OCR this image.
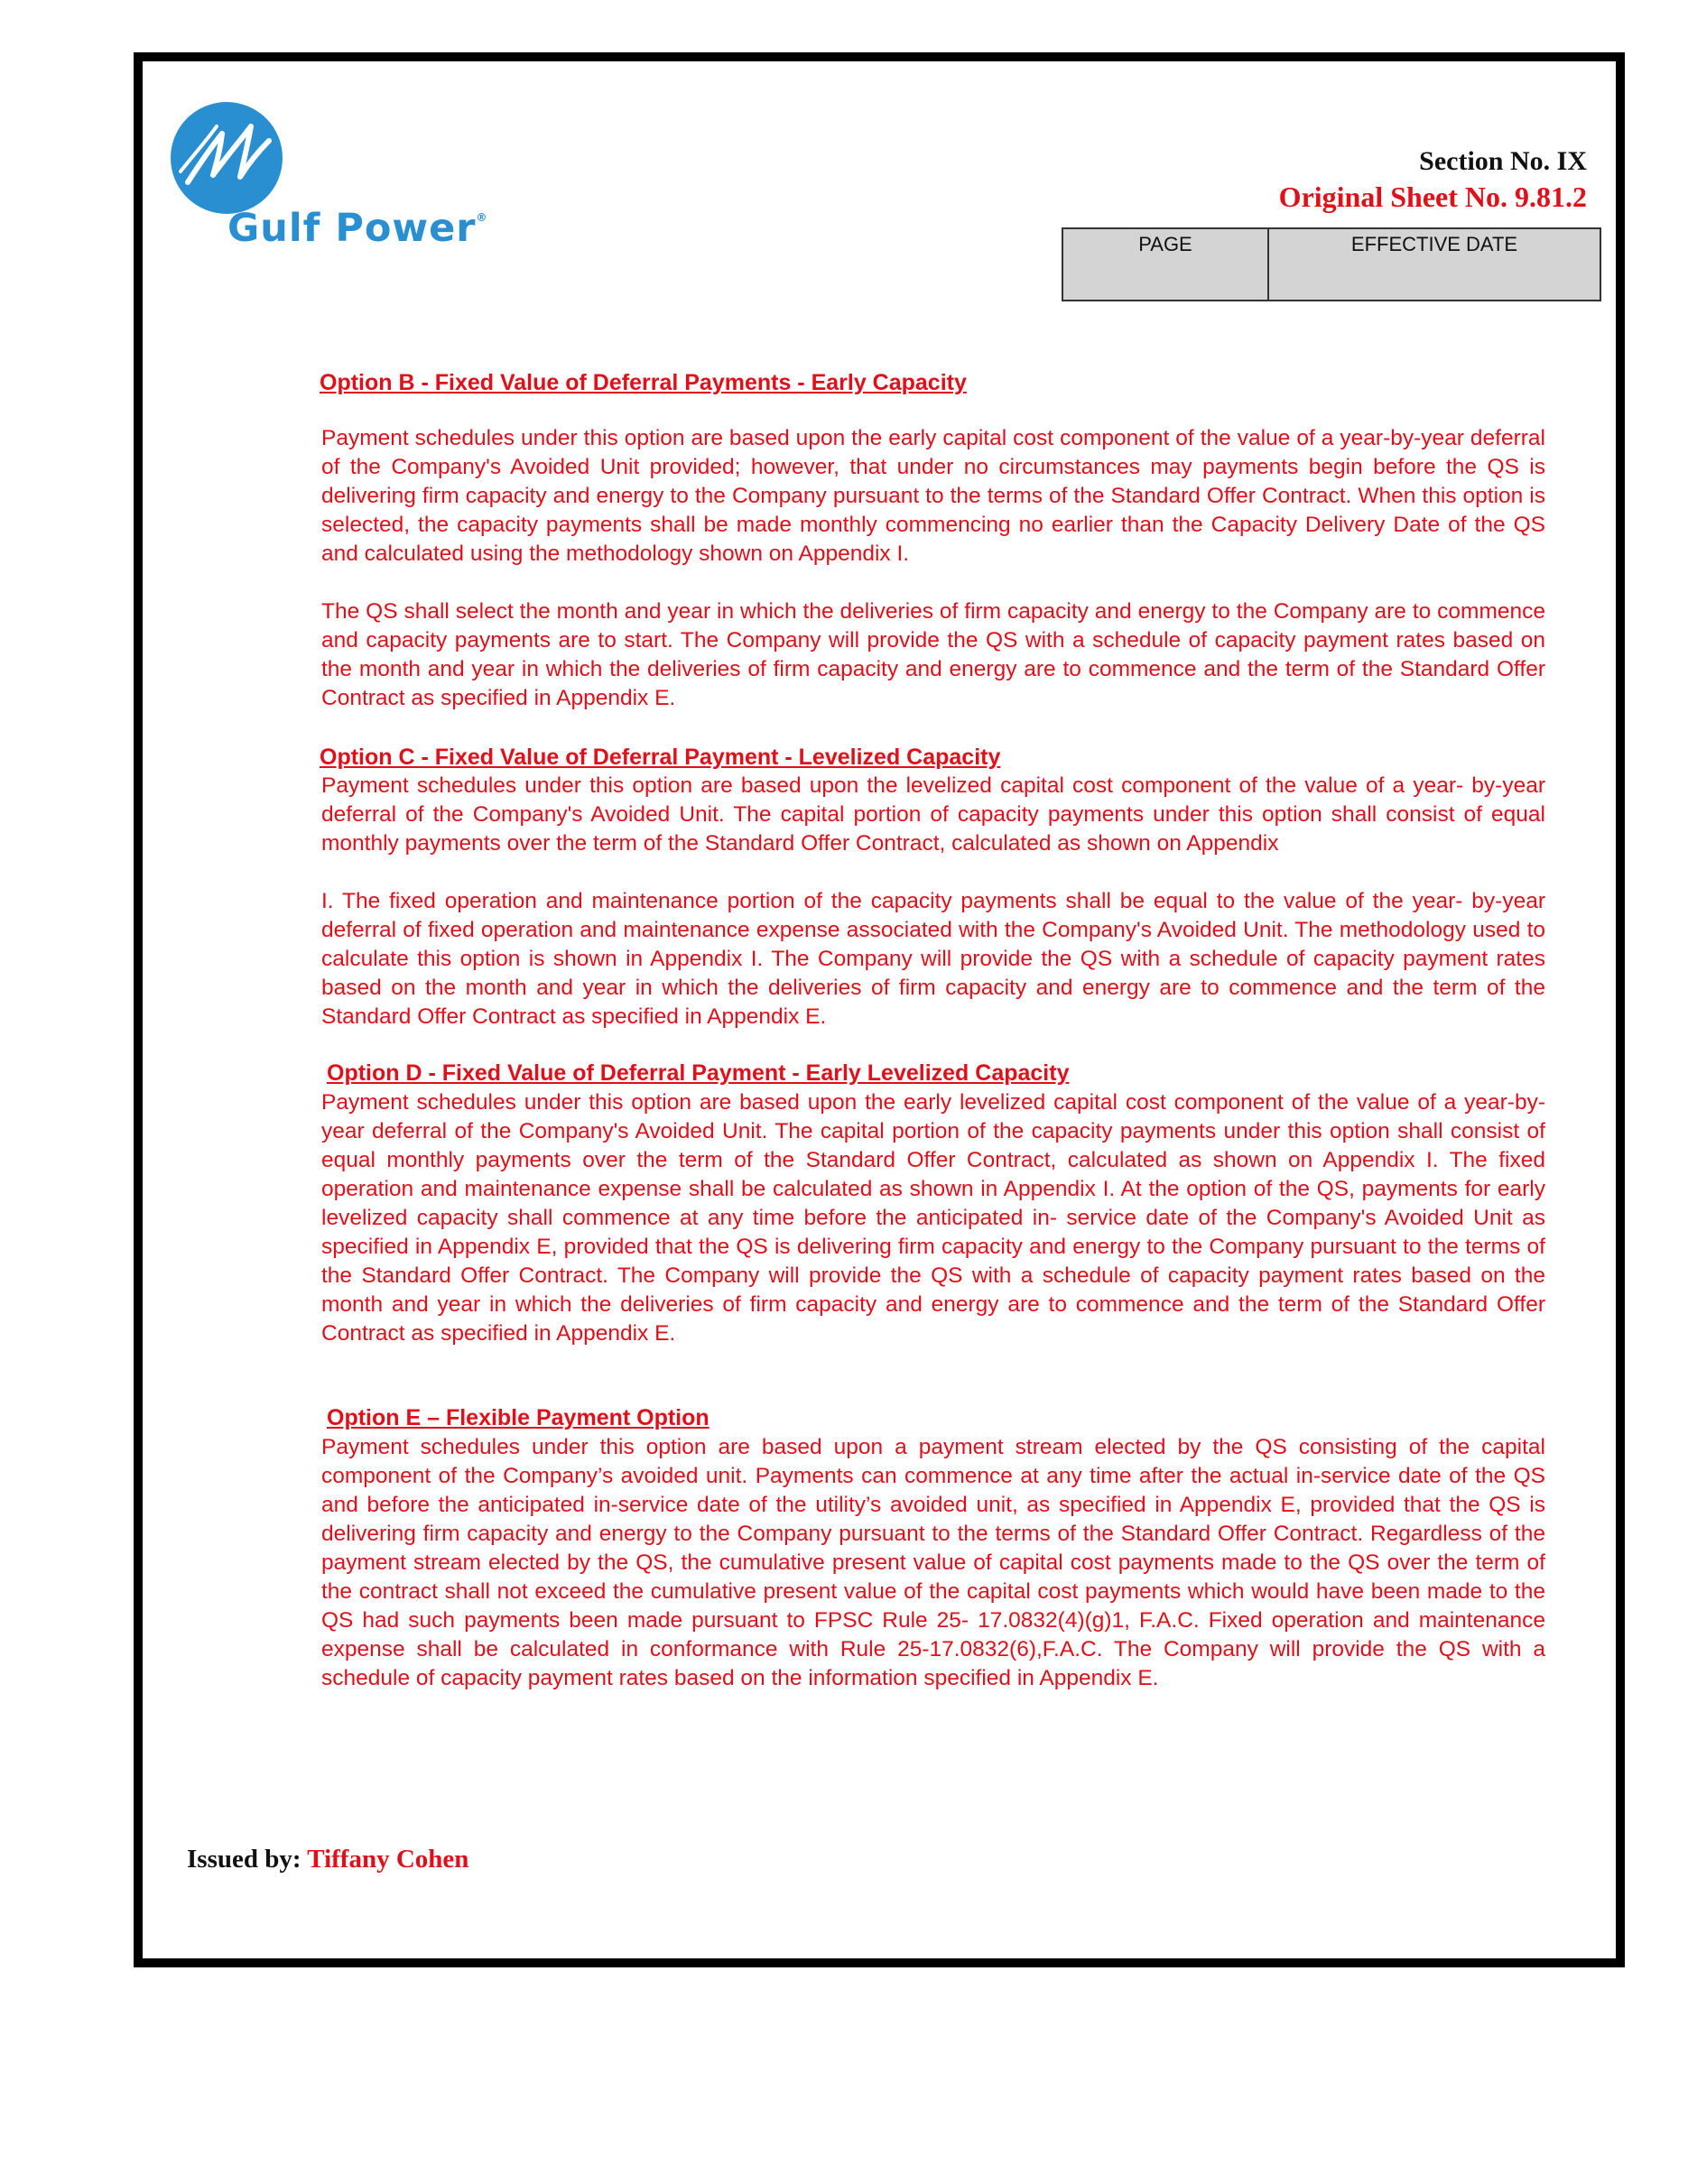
Gulf Power®
Section No. IX
Original Sheet No. 9.81.2
PAGE	EFFECTIVE DATE
Option B - Fixed Value of Deferral Payments - Early Capacity
Payment schedules under this option are based upon the early capital cost component of the value of a year-by-year deferral of the Company's Avoided Unit provided; however, that under no circumstances may payments begin before the QS is delivering firm capacity and energy to the Company pursuant to the terms of the Standard Offer Contract. When this option is selected, the capacity payments shall be made monthly commencing no earlier than the Capacity Delivery Date of the QS and calculated using the methodology shown on Appendix I.
The QS shall select the month and year in which the deliveries of firm capacity and energy to the Company are to commence and capacity payments are to start. The Company will provide the QS with a schedule of capacity payment rates based on the month and year in which the deliveries of firm capacity and energy are to commence and the term of the Standard Offer Contract as specified in Appendix E.
Option C - Fixed Value of Deferral Payment - Levelized Capacity
Payment schedules under this option are based upon the levelized capital cost component of the value of a year- by-year deferral of the Company's Avoided Unit. The capital portion of capacity payments under this option shall consist of equal monthly payments over the term of the Standard Offer Contract, calculated as shown on Appendix
I. The fixed operation and maintenance portion of the capacity payments shall be equal to the value of the year- by-year deferral of fixed operation and maintenance expense associated with the Company's Avoided Unit. The methodology used to calculate this option is shown in Appendix I. The Company will provide the QS with a schedule of capacity payment rates based on the month and year in which the deliveries of firm capacity and energy are to commence and the term of the Standard Offer Contract as specified in Appendix E.
Option D - Fixed Value of Deferral Payment - Early Levelized Capacity
Payment schedules under this option are based upon the early levelized capital cost component of the value of a year-by-year deferral of the Company's Avoided Unit. The capital portion of the capacity payments under this option shall consist of equal monthly payments over the term of the Standard Offer Contract, calculated as shown on Appendix I. The fixed operation and maintenance expense shall be calculated as shown in Appendix I. At the option of the QS, payments for early levelized capacity shall commence at any time before the anticipated in- service date of the Company's Avoided Unit as specified in Appendix E, provided that the QS is delivering firm capacity and energy to the Company pursuant to the terms of the Standard Offer Contract. The Company will provide the QS with a schedule of capacity payment rates based on the month and year in which the deliveries of firm capacity and energy are to commence and the term of the Standard Offer Contract as specified in Appendix E.
Option E – Flexible Payment Option
Payment schedules under this option are based upon a payment stream elected by the QS consisting of the capital component of the Company’s avoided unit. Payments can commence at any time after the actual in-service date of the QS and before the anticipated in-service date of the utility’s avoided unit, as specified in Appendix E, provided that the QS is delivering firm capacity and energy to the Company pursuant to the terms of the Standard Offer Contract. Regardless of the payment stream elected by the QS, the cumulative present value of capital cost payments made to the QS over the term of the contract shall not exceed the cumulative present value of the capital cost payments which would have been made to the QS had such payments been made pursuant to FPSC Rule 25- 17.0832(4)(g)1, F.A.C. Fixed operation and maintenance expense shall be calculated in conformance with Rule 25-17.0832(6),F.A.C. The Company will provide the QS with a schedule of capacity payment rates based on the information specified in Appendix E.
Issued by: Tiffany Cohen
